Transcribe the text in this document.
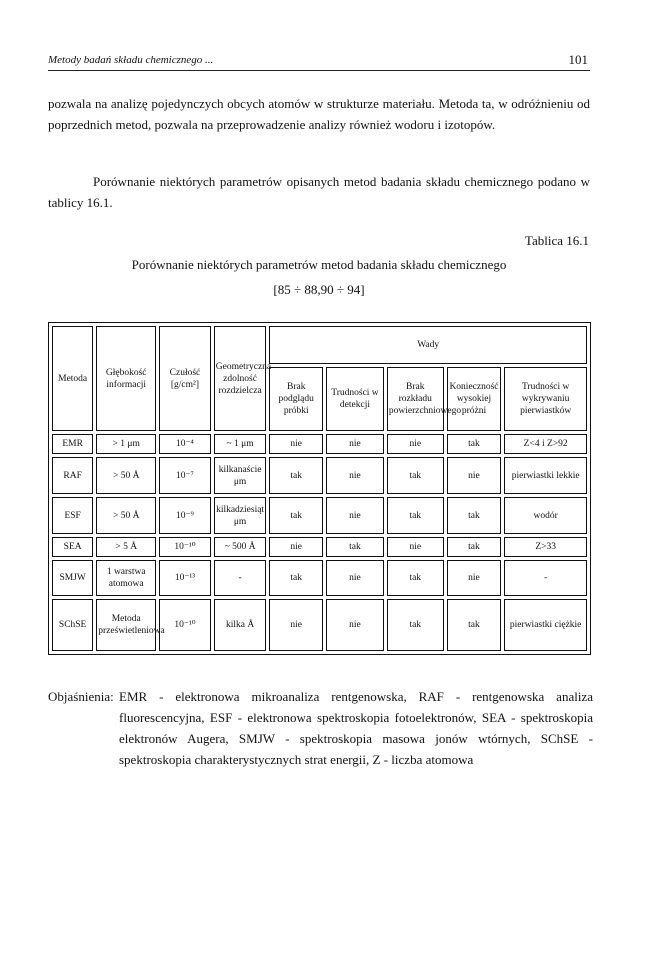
Metody badań składu chemicznego ...	101

pozwala na analizę pojedynczych obcych atomów w strukturze materiału. Metoda ta, w odróżnieniu od poprzednich metod, pozwala na przeprowadzenie analizy również wodoru i izotopów.

Porównanie niektórych parametrów opisanych metod badania składu chemicznego podano w tablicy 16.1.

Tablica 16.1
Porównanie niektórych parametrów metod badania składu chemicznego
[85 ÷ 88,90 ÷ 94]
Metoda	Głębokość informacji	Czułość [g/cm²]	Geometryczna zdolność rozdzielcza	Wady				
				Brak podglądu próbki	Trudności w detekcji	Brak rozkładu powierzchniowego	Konieczność wysokiej próżni	Trudności w wykrywaniu pierwiastków
EMR	> 1 μm	10⁻⁴	~ 1 μm	nie	nie	nie	tak	Z<4 i Z>92
RAF	> 50 Å	10⁻⁷	kilkanaście μm	tak	nie	tak	nie	pierwiastki lekkie
ESF	> 50 Å	10⁻⁹	kilkadziesiąt μm	tak	nie	tak	tak	wodór
SEA	> 5 Å	10⁻¹⁰	~ 500 Å	nie	tak	nie	tak	Z>33
SMJW	1 warstwa atomowa	10⁻¹³	-	tak	nie	tak	nie	-
SChSE	Metoda prześwietleniowa	10⁻¹⁰	kilka Å	nie	nie	tak	tak	pierwiastki ciężkie
Objaśnienia: EMR - elektronowa mikroanaliza rentgenowska, RAF - rentgenowska analiza fluorescencyjna, ESF - elektronowa spektroskopia fotoelektronów, SEA - spektroskopia elektronów Augera, SMJW - spektroskopia masowa jonów wtórnych, SChSE - spektroskopia charakterystycznych strat energii, Z - liczba atomowa
